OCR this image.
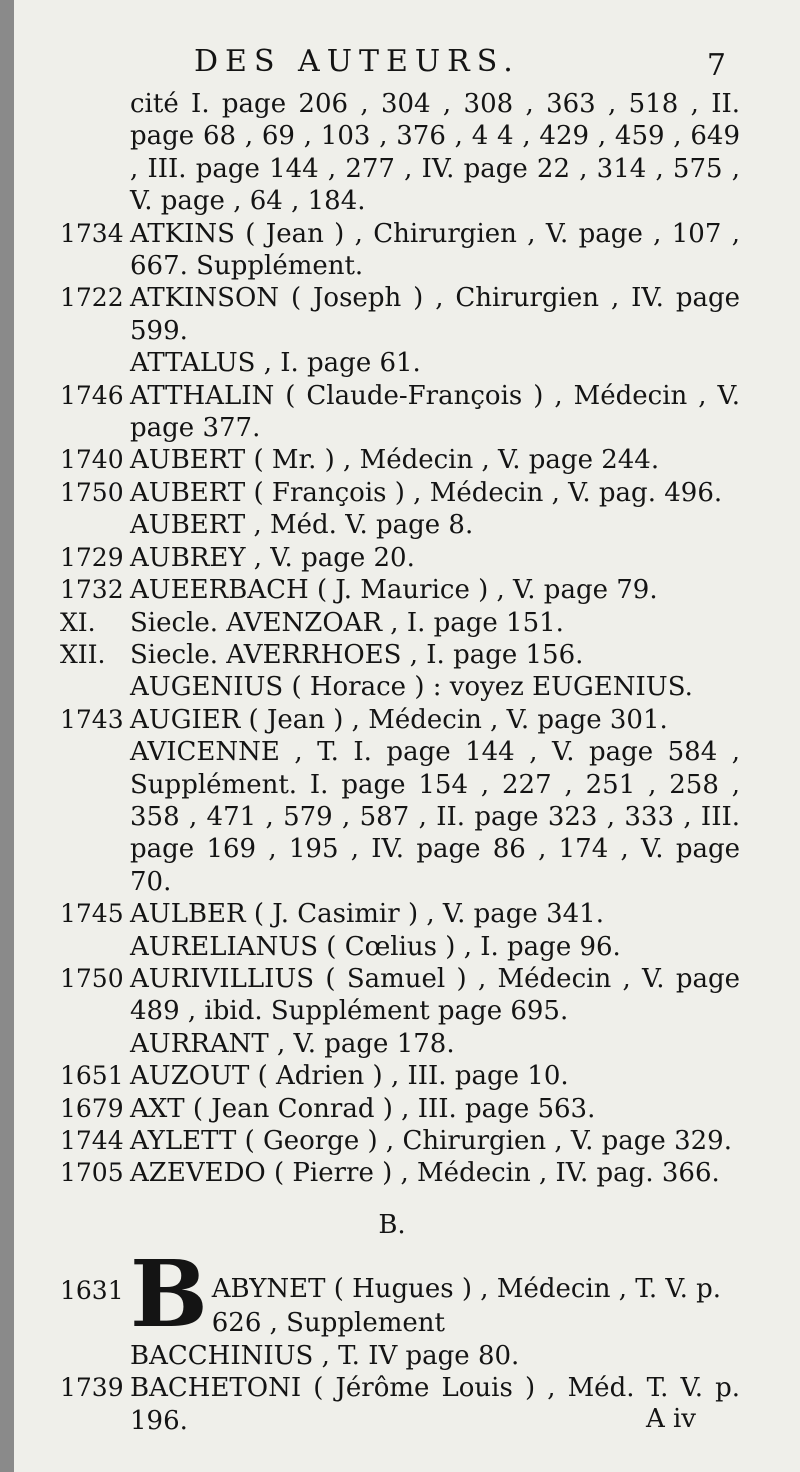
DES AUTEURS.	7
cité I. page 206 , 304 , 308 , 363 , 518 , II. page 68 , 69 , 103 , 376 , 4 4 , 429 , 459 , 649 , III. page 144 , 277 , IV. page 22 , 314 , 575 , V. page , 64 , 184.
1734 ATKINS ( Jean ) , Chirurgien , V. page , 107 , 667. Supplément.
1722 ATKINSON ( Joseph ) , Chirurgien , IV. page 599.
ATTALUS , I. page 61.
1746 ATTHALIN ( Claude-François ) , Médecin , V. page 377.
1740 AUBERT ( Mr. ) , Médecin , V. page 244.
1750 AUBERT ( François ) , Médecin , V. pag. 496.
AUBERT , Méd. V. page 8.
1729 AUBREY , V. page 20.
1732 AUEERBACH ( J. Maurice ) , V. page 79.
XI.	Siecle. AVENZOAR , I. page 151.
XII. Siecle. AVERRHOES , I. page 156.
AUGENIUS ( Horace ) : voyez EUGENIUS.
1743 AUGIER ( Jean ) , Médecin , V. page 301.
AVICENNE , T. I. page 144 , V. page 584 , Supplément. I. page 154 , 227 , 251 , 258 , 358 , 471 , 579 , 587 , II. page 323 , 333 , III. page 169 , 195 , IV. page 86 , 174 , V. page 70.
1745 AULBER ( J. Casimir ) , V. page 341.
AURELIANUS ( Cœlius ) , I. page 96.
1750 AURIVILLIUS ( Samuel ) , Médecin , V. page 489 , ibid. Supplément page 695.
AURRANT , V. page 178.
1651 AUZOUT ( Adrien ) , III. page 10.
1679 AXT ( Jean Conrad ) , III. page 563.
1744 AYLETT ( George ) , Chirurgien , V. page 329.
1705 AZEVEDO ( Pierre ) , Médecin , IV. pag. 366.
B.
1631 B ABYNET ( Hugues ) , Médecin , T. V. p. 626 , Supplement
BACCHINIUS , T. IV page 80.
1739 BACHETONI ( Jérôme Louis ) , Méd. T. V. p. 196.	A iv
